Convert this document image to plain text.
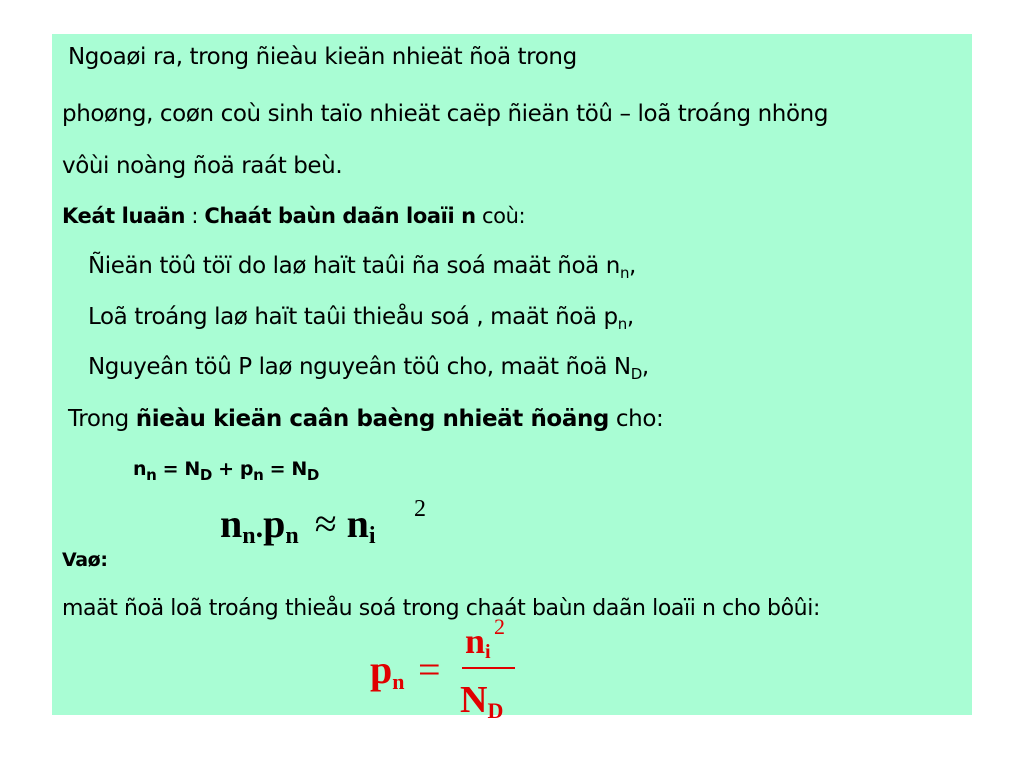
Ngoaøi ra, trong ñieàu kieän nhieät ñoä trong
phoøng, coøn coù sinh taïo nhieät caëp ñieän töû – loã troáng nhöng
vôùi noàng ñoä raát beù.
Keát luaän : Chaát baùn daãn loaïi n coù:
Ñieän töû töï do laø haït taûi ña soá maät ñoä $n_n$,
Loã troáng laø haït taûi thieåu soá , maät ñoä $p_n$,
Nguyeân töû P laø nguyeân töû cho, maät ñoä $N_D$,
Trong ñieàu kieän caân baèng nhieät ñoäng cho:
$n_n = N_D + p_n = N_D$
$n_n.p_n \approx n_i$
2
Vaø:
maät ñoä loã troáng thieåu soá trong chaát baùn daãn loaïi n cho bôûi:
$p_n$ =
$n_i$
2
$N_D$
